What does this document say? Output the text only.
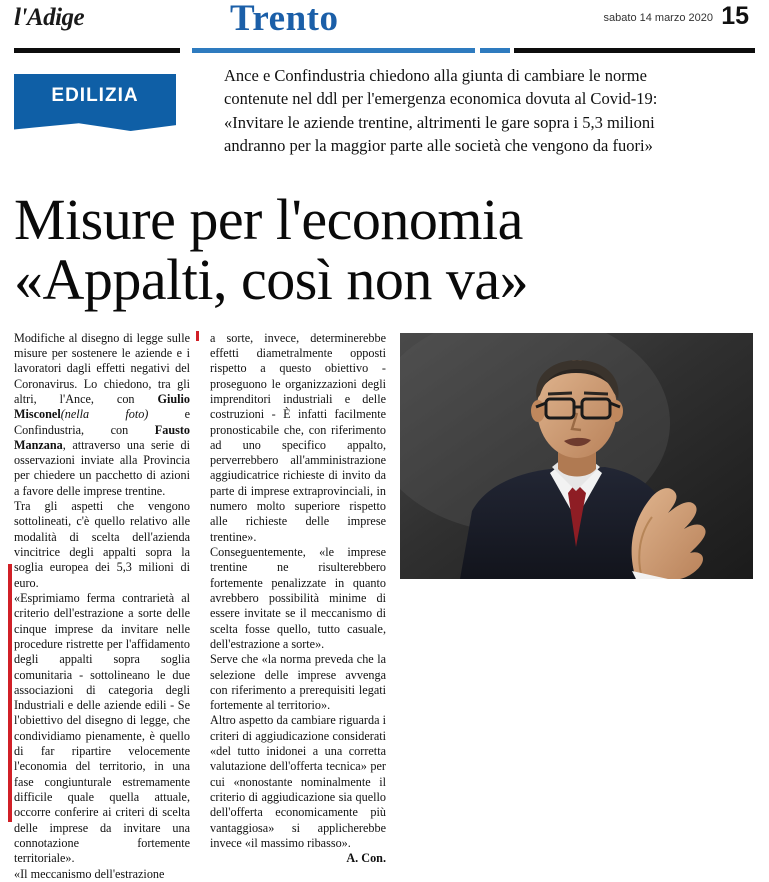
l'Adige	Trento	sabato 14 marzo 2020 15
EDILIZIA
Ance e Confindustria chiedono alla giunta di cambiare le norme
contenute nel ddl per l'emergenza economica dovuta al Covid-19:
«Invitare le aziende trentine, altrimenti le gare sopra i 5,3 milioni
andranno per la maggior parte alle società che vengono da fuori»
Misure per l'economia
«Appalti, così non va»

Modifiche al disegno di legge sulle misure per sostenere le aziende e i lavoratori dagli effetti negativi del Coronavirus. Lo chiedono, tra gli altri, l'Ance, con Giulio Misconel(nella foto) e Confindustria, con Fausto Manzana, attraverso una serie di osservazioni inviate alla Provincia per chiedere un pacchetto di azioni a favore delle imprese trentine.

Tra gli aspetti che vengono sottolineati, c'è quello relativo alle modalità di scelta dell'azienda vincitrice degli appalti sopra la soglia europea dei 5,3 milioni di euro.

«Esprimiamo ferma contrarietà al criterio dell'estrazione a sorte delle cinque imprese da invitare nelle procedure ristrette per l'affidamento degli appalti sopra soglia comunitaria - sottolineano le due associazioni di categoria degli Industriali e delle aziende edili - Se l'obiettivo del disegno di legge, che condividiamo pienamente, è quello di far ripartire velocemente l'economia del territorio, in una fase congiunturale estremamente difficile quale quella attuale, occorre conferire ai criteri di scelta delle imprese da invitare una connotazione fortemente territoriale».

«Il meccanismo dell'estrazione

a sorte, invece, determinerebbe effetti diametralmente opposti rispetto a questo obiettivo - proseguono le organizzazioni degli imprenditori industriali e delle costruzioni - È infatti facilmente pronosticabile che, con riferimento ad uno specifico appalto, perverrebbero all'amministrazione aggiudicatrice richieste di invito da parte di imprese extraprovinciali, in numero molto superiore rispetto alle richieste delle imprese trentine».

Conseguentemente, «le imprese trentine ne risulterebbero fortemente penalizzate in quanto avrebbero possibilità minime di essere invitate se il meccanismo di scelta fosse quello, tutto casuale, dell'estrazione a sorte».

Serve che «la norma preveda che la selezione delle imprese avvenga con riferimento a prerequisiti legati fortemente al territorio».

Altro aspetto da cambiare riguarda i criteri di aggiudicazione considerati «del tutto inidonei a una corretta valutazione dell'offerta tecnica» per cui «nonostante nominalmente il criterio di aggiudicazione sia quello dell'offerta economicamente più vantaggiosa» si applicherebbe invece «il massimo ribasso».

A. Con.
